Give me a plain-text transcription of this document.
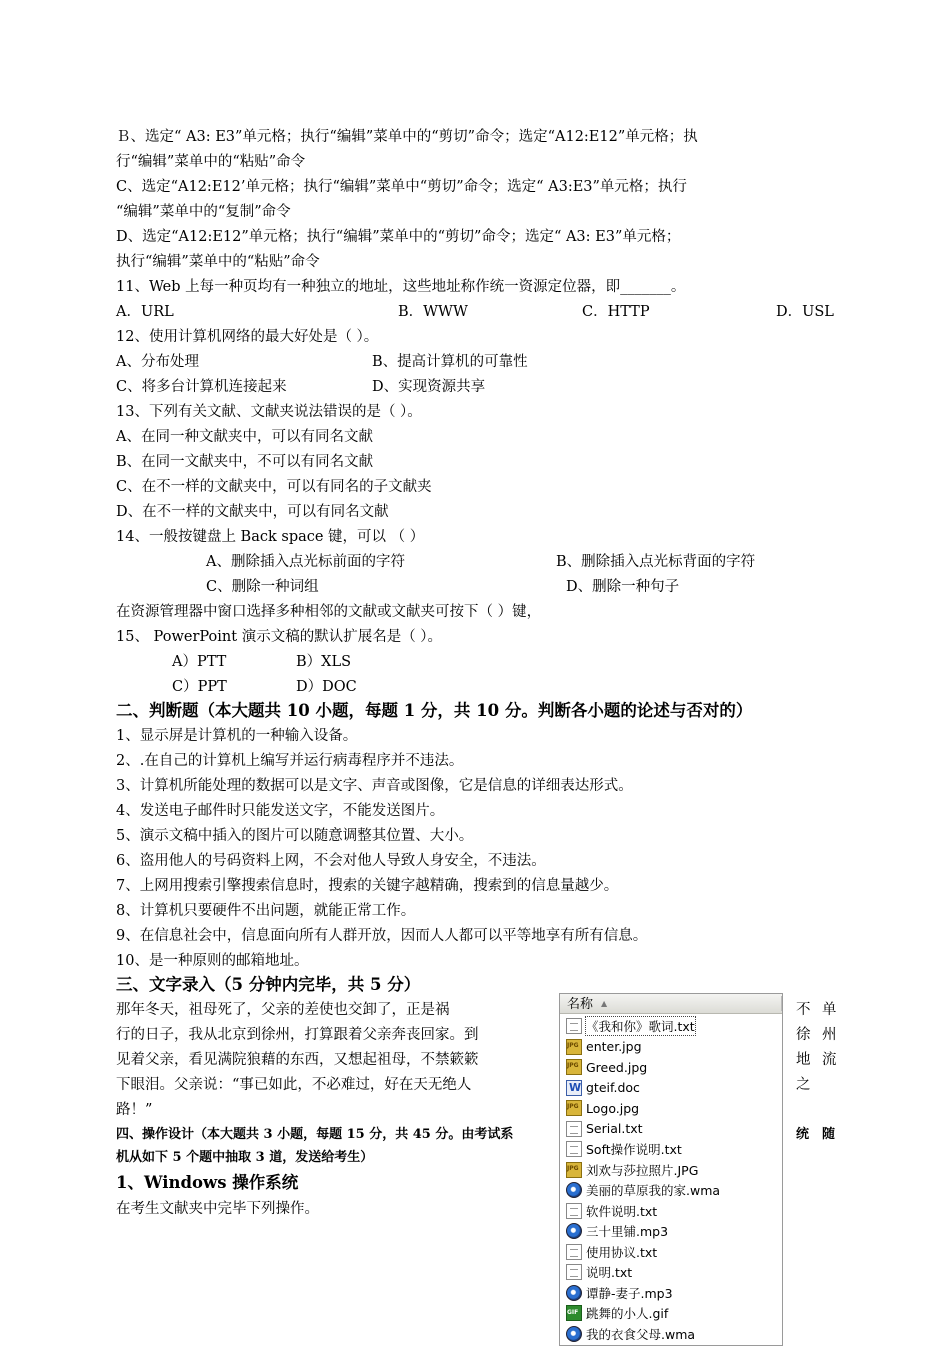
Ｂ、选定“ A3: E3”单元格；执行“编辑”菜单中的“剪切”命令；选定“A12:E12”单元格；执
行“编辑”菜单中的“粘贴”命令
C、选定“A12:E12’单元格；执行“编辑”菜单中“剪切”命令；选定“ A3:E3”单元格；执行
“编辑”菜单中的“复制”命令
D、选定“A12:E12”单元格；执行“编辑”菜单中的“剪切”命令；选定“ A3: E3”单元格；
执行“编辑”菜单中的“粘贴”命令
11、Web 上每一种页均有一种独立的地址，这些地址称作统一资源定位器，即_______。
A．URL	B．WWW	C．HTTP	D．USL
12、使用计算机网络的最大好处是（ ）。
A、分布处理	B、提高计算机的可靠性
C、将多台计算机连接起来	D、实现资源共享
13、下列有关文献、文献夹说法错误的是（ ）。
A、在同一种文献夹中，可以有同名文献
B、在同一文献夹中，不可以有同名文献
C、在不一样的文献夹中，可以有同名的子文献夹
D、在不一样的文献夹中，可以有同名文献
14、一般按键盘上 Back space 键，可以 （ ）
A、删除插入点光标前面的字符	B、删除插入点光标背面的字符
C、删除一种词组	D、删除一种句子
在资源管理器中窗口选择多种相邻的文献或文献夹可按下（ ）键，
15、 PowerPoint 演示文稿的默认扩展名是（ ）。
A）PTT	B）XLS
C）PPT	D）DOC
二、判断题（本大题共 10 小题，每题 1 分，共 10 分。判断各小题的论述与否对的）
1、显示屏是计算机的一种输入设备。
2、.在自己的计算机上编写并运行病毒程序并不违法。
3、计算机所能处理的数据可以是文字、声音或图像，它是信息的详细表达形式。
4、发送电子邮件时只能发送文字，不能发送图片。
5、演示文稿中插入的图片可以随意调整其位置、大小。
6、盗用他人的号码资料上网，不会对他人导致人身安全，不违法。
7、上网用搜索引擎搜索信息时，搜索的关键字越精确，搜索到的信息量越少。
8、计算机只要硬件不出问题，就能正常工作。
9、在信息社会中，信息面向所有人群开放，因而人人都可以平等地享有所有信息。
10、是一种原则的邮箱地址。
三、文字录入（5 分钟内完毕，共 5 分）
那年冬天，祖母死了，父亲的差使也交卸了，正是祸
行的日子，我从北京到徐州，打算跟着父亲奔丧回家。到
见着父亲，看见满院狼藉的东西，又想起祖母，不禁簌簌
下眼泪。父亲说：“事已如此，不必难过，好在天无绝人
路！”
不 单
徐 州
地 流
之
统 随
四、操作设计（本大题共 3 小题，每题 15 分，共 45 分。由考试系
机从如下 5 个题中抽取 3 道，发送给考生）
1、Windows 操作系统
在考生文献夹中完毕下列操作。
名称 ▲
《我和你》歌词.txt
JPG
enter.jpg
JPG
Greed.jpg
W
gteif.doc
JPG
Logo.jpg
Serial.txt
Soft操作说明.txt
JPG
刘欢与莎拉照片.JPG
美丽的草原我的家.wma
软件说明.txt
三十里铺.mp3
使用协议.txt
说明.txt
谭静-妻子.mp3
GIF
跳舞的小人.gif
我的衣食父母.wma
